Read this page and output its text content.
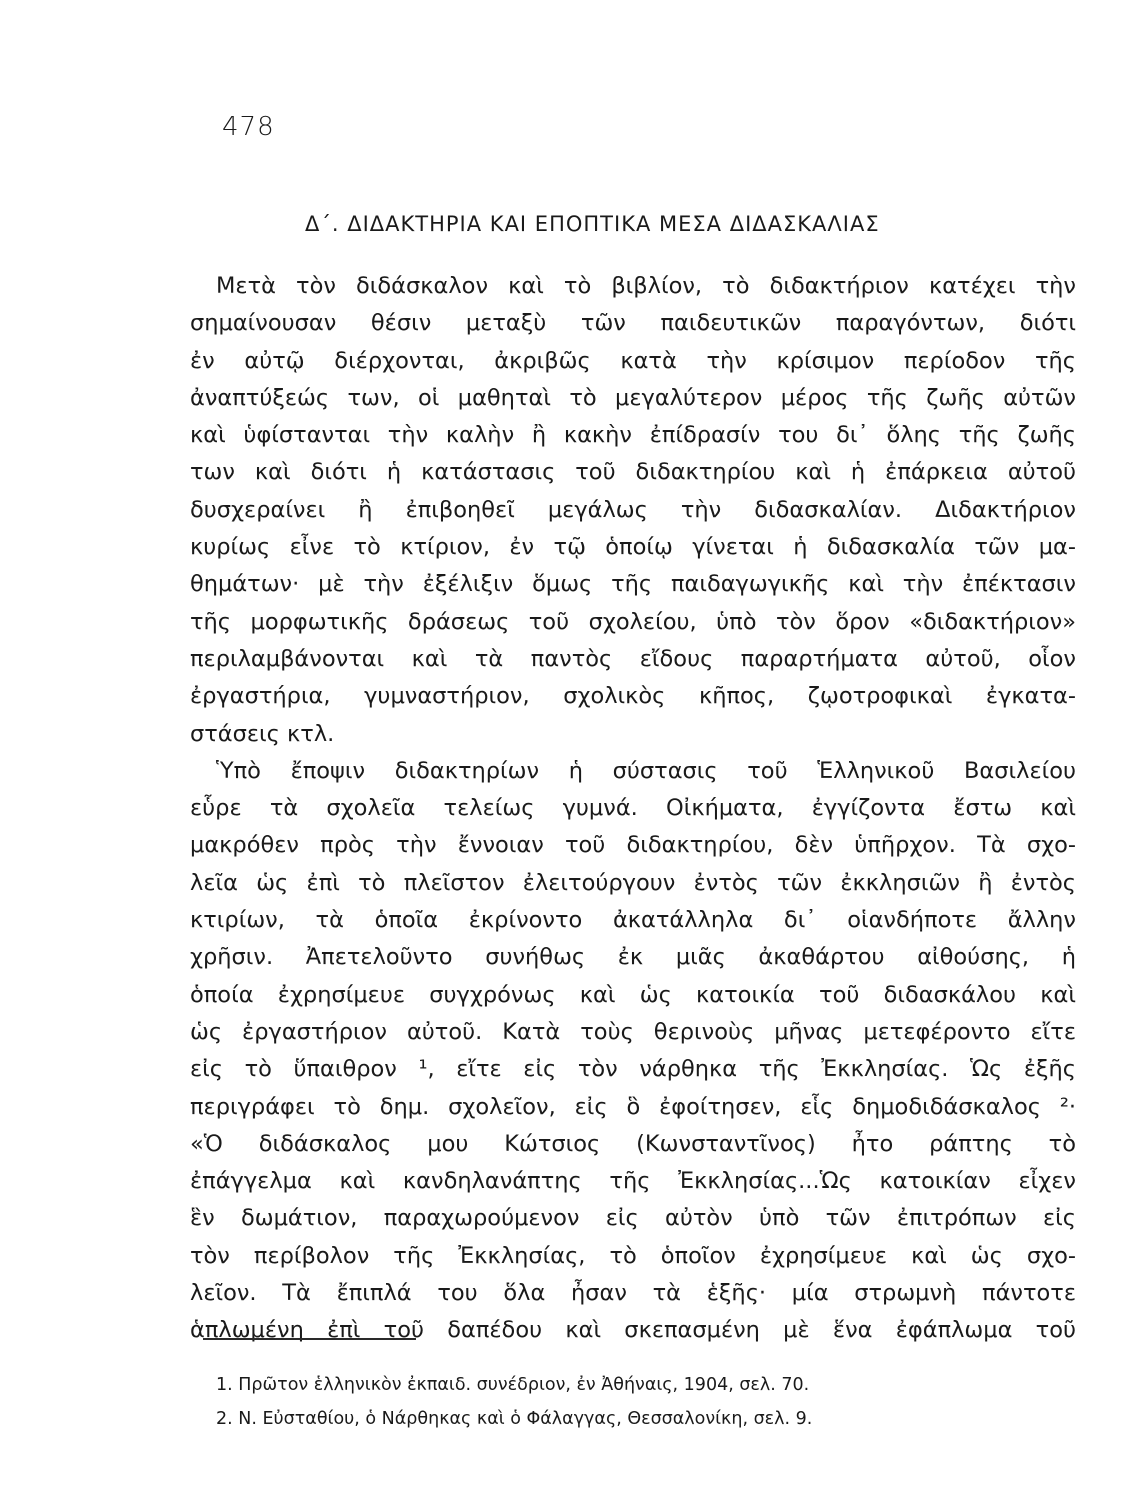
478
Δ΄. ΔΙΔΑΚΤΗΡΙΑ ΚΑΙ ΕΠΟΠΤΙΚΑ ΜΕΣΑ ΔΙΔΑΣΚΑΛΙΑΣ
Μετὰ τὸν διδάσκαλον καὶ τὸ βιβλίον, τὸ διδακτήριον κατέχει τὴν
σημαίνουσαν θέσιν μεταξὺ τῶν παιδευτικῶν παραγόντων, διότι
ἐν αὐτῷ διέρχονται, ἀκριβῶς κατὰ τὴν κρίσιμον περίοδον τῆς
ἀναπτύξεώς των, οἱ μαθηταὶ τὸ μεγαλύτερον μέρος τῆς ζωῆς αὐτῶν
καὶ ὑφίστανται τὴν καλὴν ἢ κακὴν ἐπίδρασίν του δι᾽ ὅλης τῆς ζωῆς
των καὶ διότι ἡ κατάστασις τοῦ διδακτηρίου καὶ ἡ ἐπάρκεια αὐτοῦ
δυσχεραίνει ἢ ἐπιβοηθεῖ μεγάλως τὴν διδασκαλίαν. Διδακτήριον
κυρίως εἶνε τὸ κτίριον, ἐν τῷ ὁποίῳ γίνεται ἡ διδασκαλία τῶν μα-
θημάτων· μὲ τὴν ἐξέλιξιν ὅμως τῆς παιδαγωγικῆς καὶ τὴν ἐπέκτασιν
τῆς μορφωτικῆς δράσεως τοῦ σχολείου, ὑπὸ τὸν ὅρον «διδακτήριον»
περιλαμβάνονται καὶ τὰ παντὸς εἴδους παραρτήματα αὐτοῦ, οἷον
ἐργαστήρια, γυμναστήριον, σχολικὸς κῆπος, ζῳοτροφικαὶ ἐγκατα-
στάσεις κτλ.
Ὑπὸ ἔποψιν διδακτηρίων ἡ σύστασις τοῦ Ἑλληνικοῦ Βασιλείου
εὗρε τὰ σχολεῖα τελείως γυμνά. Οἰκήματα, ἐγγίζοντα ἔστω καὶ
μακρόθεν πρὸς τὴν ἔννοιαν τοῦ διδακτηρίου, δὲν ὑπῆρχον. Τὰ σχο-
λεῖα ὡς ἐπὶ τὸ πλεῖστον ἐλειτούργουν ἐντὸς τῶν ἐκκλησιῶν ἢ ἐντὸς
κτιρίων, τὰ ὁποῖα ἐκρίνοντο ἀκατάλληλα δι᾽ οἱανδήποτε ἄλλην
χρῆσιν. Ἀπετελοῦντο συνήθως ἐκ μιᾶς ἀκαθάρτου αἰθούσης, ἡ
ὁποία ἐχρησίμευε συγχρόνως καὶ ὡς κατοικία τοῦ διδασκάλου καὶ
ὡς ἐργαστήριον αὐτοῦ. Κατὰ τοὺς θερινοὺς μῆνας μετεφέροντο εἴτε
εἰς τὸ ὕπαιθρον ¹, εἴτε εἰς τὸν νάρθηκα τῆς Ἐκκλησίας. Ὡς ἐξῆς
περιγράφει τὸ δημ. σχολεῖον, εἰς ὃ ἐφοίτησεν, εἷς δημοδιδάσκαλος ²·
«Ὁ διδάσκαλος μου Κώτσιος (Κωνσταντῖνος) ἦτο ράπτης τὸ
ἐπάγγελμα καὶ κανδηλανάπτης τῆς Ἐκκλησίας...Ὡς κατοικίαν εἶχεν
ἓν δωμάτιον, παραχωρούμενον εἰς αὐτὸν ὑπὸ τῶν ἐπιτρόπων εἰς
τὸν περίβολον τῆς Ἐκκλησίας, τὸ ὁποῖον ἐχρησίμευε καὶ ὡς σχο-
λεῖον. Τὰ ἔπιπλά του ὅλα ἦσαν τὰ ἑξῆς· μία στρωμνὴ πάντοτε
ἁπλωμένη ἐπὶ τοῦ δαπέδου καὶ σκεπασμένη μὲ ἕνα ἐφάπλωμα τοῦ
1. Πρῶτον ἑλληνικὸν ἐκπαιδ. συνέδριον, ἐν Ἀθήναις, 1904, σελ. 70.
2. Ν. Εὐσταθίου, ὁ Νάρθηκας καὶ ὁ Φάλαγγας, Θεσσαλονίκη, σελ. 9.
